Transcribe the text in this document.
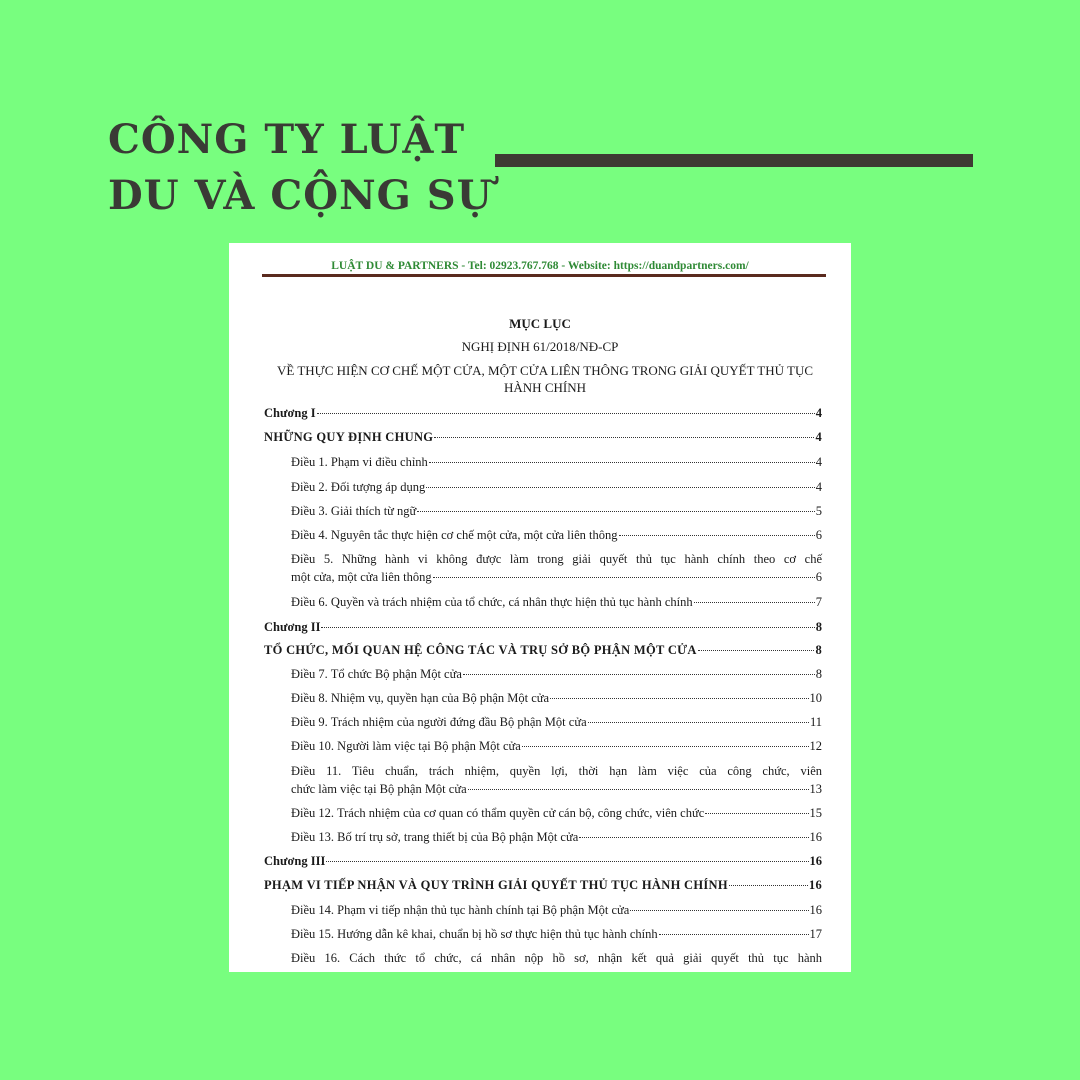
CÔNG TY LUẬT
DU VÀ CỘNG SỰ
LUẬT DU & PARTNERS - Tel: 02923.767.768 - Website: https://duandpartners.com/
MỤC LỤC
NGHỊ ĐỊNH 61/2018/NĐ-CP
VỀ THỰC HIỆN CƠ CHẾ MỘT CỬA, MỘT CỬA LIÊN THÔNG TRONG GIẢI QUYẾT THỦ TỤC HÀNH CHÍNH
Chương I	4
NHỮNG QUY ĐỊNH CHUNG	4
Điều 1. Phạm vi điều chỉnh	4
Điều 2. Đối tượng áp dụng	4
Điều 3. Giải thích từ ngữ	5
Điều 4. Nguyên tắc thực hiện cơ chế một cửa, một cửa liên thông	6
Điều 5. Những hành vi không được làm trong giải quyết thủ tục hành chính theo cơ chế
một cửa, một cửa liên thông	6
Điều 6. Quyền và trách nhiệm của tổ chức, cá nhân thực hiện thủ tục hành chính	7
Chương II	8
TỔ CHỨC, MỐI QUAN HỆ CÔNG TÁC VÀ TRỤ SỞ BỘ PHẬN MỘT CỬA	8
Điều 7. Tổ chức Bộ phận Một cửa	8
Điều 8. Nhiệm vụ, quyền hạn của Bộ phận Một cửa	10
Điều 9. Trách nhiệm của người đứng đầu Bộ phận Một cửa	11
Điều 10. Người làm việc tại Bộ phận Một cửa	12
Điều 11. Tiêu chuẩn, trách nhiệm, quyền lợi, thời hạn làm việc của công chức, viên
chức làm việc tại Bộ phận Một cửa	13
Điều 12. Trách nhiệm của cơ quan có thẩm quyền cử cán bộ, công chức, viên chức	15
Điều 13. Bố trí trụ sở, trang thiết bị của Bộ phận Một cửa	16
Chương III	16
PHẠM VI TIẾP NHẬN VÀ QUY TRÌNH GIẢI QUYẾT THỦ TỤC HÀNH CHÍNH	16
Điều 14. Phạm vi tiếp nhận thủ tục hành chính tại Bộ phận Một cửa	16
Điều 15. Hướng dẫn kê khai, chuẩn bị hồ sơ thực hiện thủ tục hành chính	17
Điều 16. Cách thức tổ chức, cá nhân nộp hồ sơ, nhận kết quả giải quyết thủ tục hành
